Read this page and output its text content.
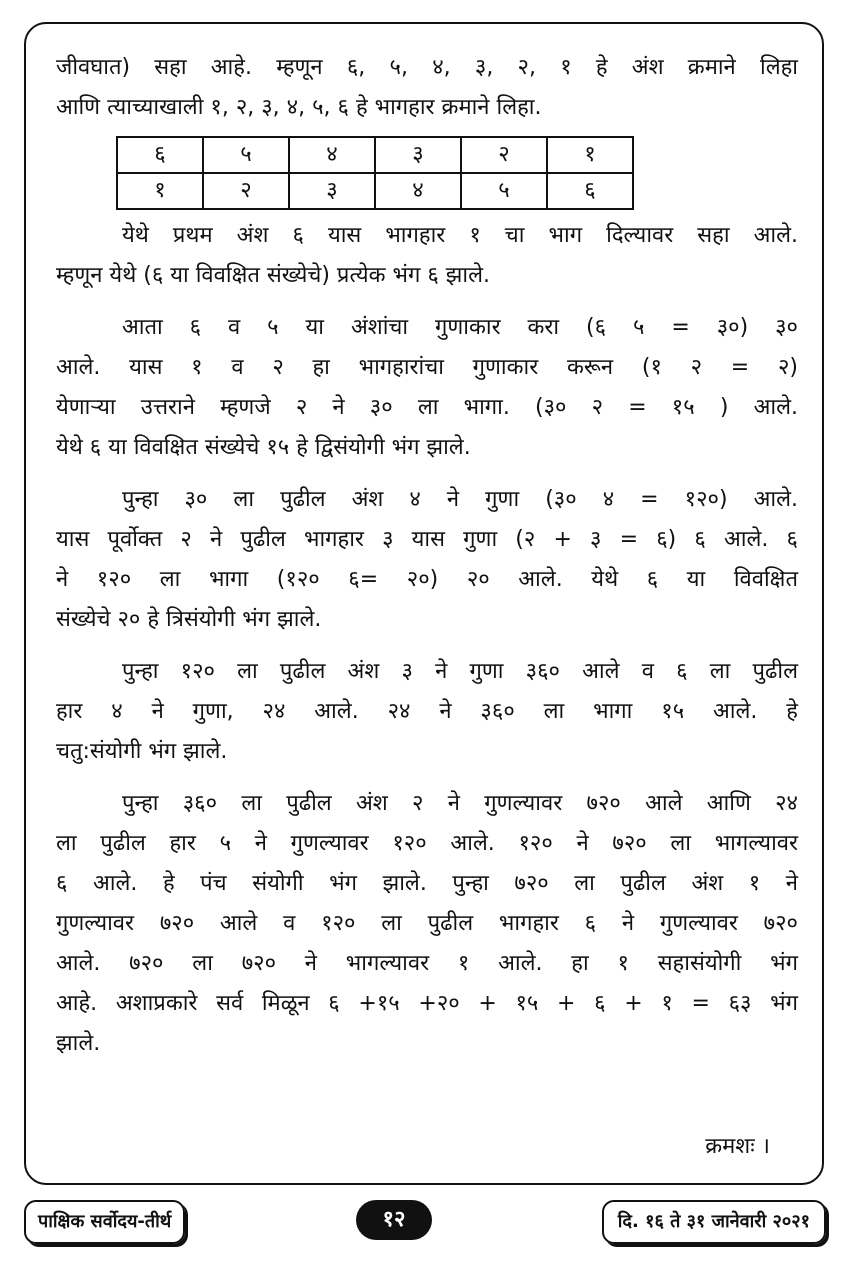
जीवघात) सहा आहे. म्हणून ६, ५, ४, ३, २, १ हे अंश क्रमाने लिहा
आणि त्याच्याखाली १, २, ३, ४, ५, ६ हे भागहार क्रमाने लिहा.
६	५	४	३	२	१
१	२	३	४	५	६
येथे प्रथम अंश ६ यास भागहार १ चा भाग दिल्यावर सहा आले.
म्हणून येथे (६ या विवक्षित संख्येचे) प्रत्येक भंग ६ झाले.
आता ६ व ५ या अंशांचा गुणाकार करा (६ ५ = ३०) ३०
आले. यास १ व २ हा भागहारांचा गुणाकार करून (१ २ = २)
येणाऱ्या उत्तराने म्हणजे २ ने ३० ला भागा. (३० २ = १५ ) आले.
येथे ६ या विवक्षित संख्येचे १५ हे द्विसंयोगी भंग झाले.
पुन्हा ३० ला पुढील अंश ४ ने गुणा (३० ४ = १२०) आले.
यास पूर्वोक्त २ ने पुढील भागहार ३ यास गुणा (२ + ३ = ६) ६ आले. ६
ने १२० ला भागा (१२० ६= २०) २० आले. येथे ६ या विवक्षित
संख्येचे २० हे त्रिसंयोगी भंग झाले.
पुन्हा १२० ला पुढील अंश ३ ने गुणा ३६० आले व ६ ला पुढील
हार ४ ने गुणा, २४ आले. २४ ने ३६० ला भागा १५ आले. हे
चतु:संयोगी भंग झाले.
पुन्हा ३६० ला पुढील अंश २ ने गुणल्यावर ७२० आले आणि २४
ला पुढील हार ५ ने गुणल्यावर १२० आले. १२० ने ७२० ला भागल्यावर
६ आले. हे पंच संयोगी भंग झाले. पुन्हा ७२० ला पुढील अंश १ ने
गुणल्यावर ७२० आले व १२० ला पुढील भागहार ६ ने गुणल्यावर ७२०
आले. ७२० ला ७२० ने भागल्यावर १ आले. हा १ सहासंयोगी भंग
आहे. अशाप्रकारे सर्व मिळून ६ +१५ +२० + १५ + ६ + १ = ६३ भंग
झाले.
क्रमशः ।
पाक्षिक सर्वोदय-तीर्थ	१२	दि. १६ ते ३१ जानेवारी २०२१
